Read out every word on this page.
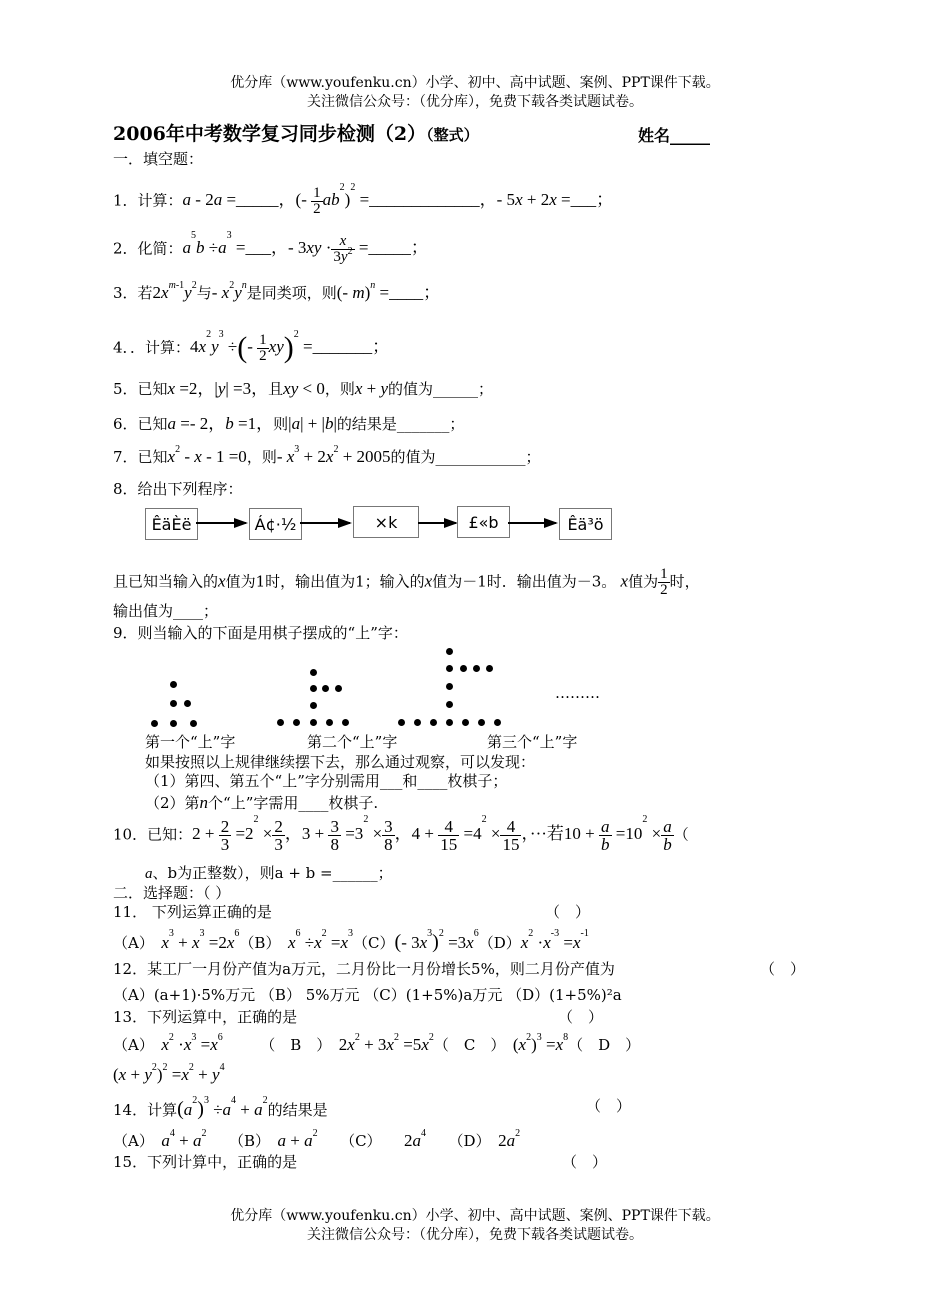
优分库（www.youfenku.cn）小学、初中、高中试题、案例、PPT课件下载。
关注微信公众号：（优分库），免费下载各类试题试卷。
2006年中考数学复习同步检测（2）（整式）	姓名_____
一．填空题：
1．计算：a - 2a =_____，(- $\frac{1}{2} ab^2)^2$ =_____________，- 5x + 2x =___；
2．化简：$a^5b \div a^3$ =___，- $3xy \cdot \frac{x}{3y^2}$ =_____；
3．若$2x^{m-1}y^2$与- $x^2y^n$是同类项，则(- m)$^n$ =____；
4．．计算：$4x^2y^3$ ÷(- $\frac{1}{2} xy)^2$ =_______；
5．已知x =2，|y| =3，且xy < 0，则x + y的值为______；
6．已知a =- 2，b =1，则|a| + |b|的结果是_______；
7．已知$x^2 - x - 1 =0$，则- $x^3 + 2x^2 + 2005$的值为____________；
8．给出下列程序：
ÊäÈë	Á¢·½	×k	£«b	Êä³ö
且已知当输入的x值为1时，输出值为1；输入的x值为－1时．输出值为－3。 x值为 $\frac{1}{2}$ 时，
输出值为____；
9．则当输入的下面是用棋子摆成的“上”字：
………
第一个“上”字	第二个“上”字	第三个“上”字
如果按照以上规律继续摆下去，那么通过观察，可以发现：
（1）第四、第五个“上”字分别需用___和____枚棋子；
（2）第n个“上”字需用____枚棋子.
10．已知：$2 + \frac{2}{3} =2^2 \times \frac{2}{3}$ ，$3 + \frac{3}{8} =3^2 \times \frac{3}{8}$ ，$4 + \frac{4}{15} =4^2 \times \frac{4}{15}$ ，···若$10 + \frac{a}{b} =10^2 \times \frac{a}{b}$ （
a、b为正整数），则a + b =______；
二．选择题：（ ）
11． 下列运算正确的是	（　）
（A）　$x^3 + x^3 =2x^6(B)$　$x^6 \div x^2 =x^3(C)(-$ $3x^3)^2 =3x^6(D)x^2 \cdot x^{-3} =x^{-1}$
12．某工厂一月份产值为a万元，二月份比一月份增长5%，则二月份产值为	（　）
（A）(a+1)·5%万元 （B） 5%万元 （C）(1+5%)a万元 （D）(1+5%)²a
13．下列运算中，正确的是	（　）
（A）　$x^2 \cdot x^3 =x^6$　　　（　B　）　$2x^2 + 3x^2 =5x^2$（　C　）　$(x^2)^3 =x^8$（　D　）
$(x + y^2)^2 =x^2 + y^4$
14．计算$(a^2)^3 \div a^4 + a^2$的结果是	（　）
（A）　$a^4 + a^2$　　（B）　$a + a^2$　　（C）　　$2a^4$　　（D）　$2a^2$
15．下列计算中，正确的是	（　）
优分库（www.youfenku.cn）小学、初中、高中试题、案例、PPT课件下载。
关注微信公众号：（优分库），免费下载各类试题试卷。
